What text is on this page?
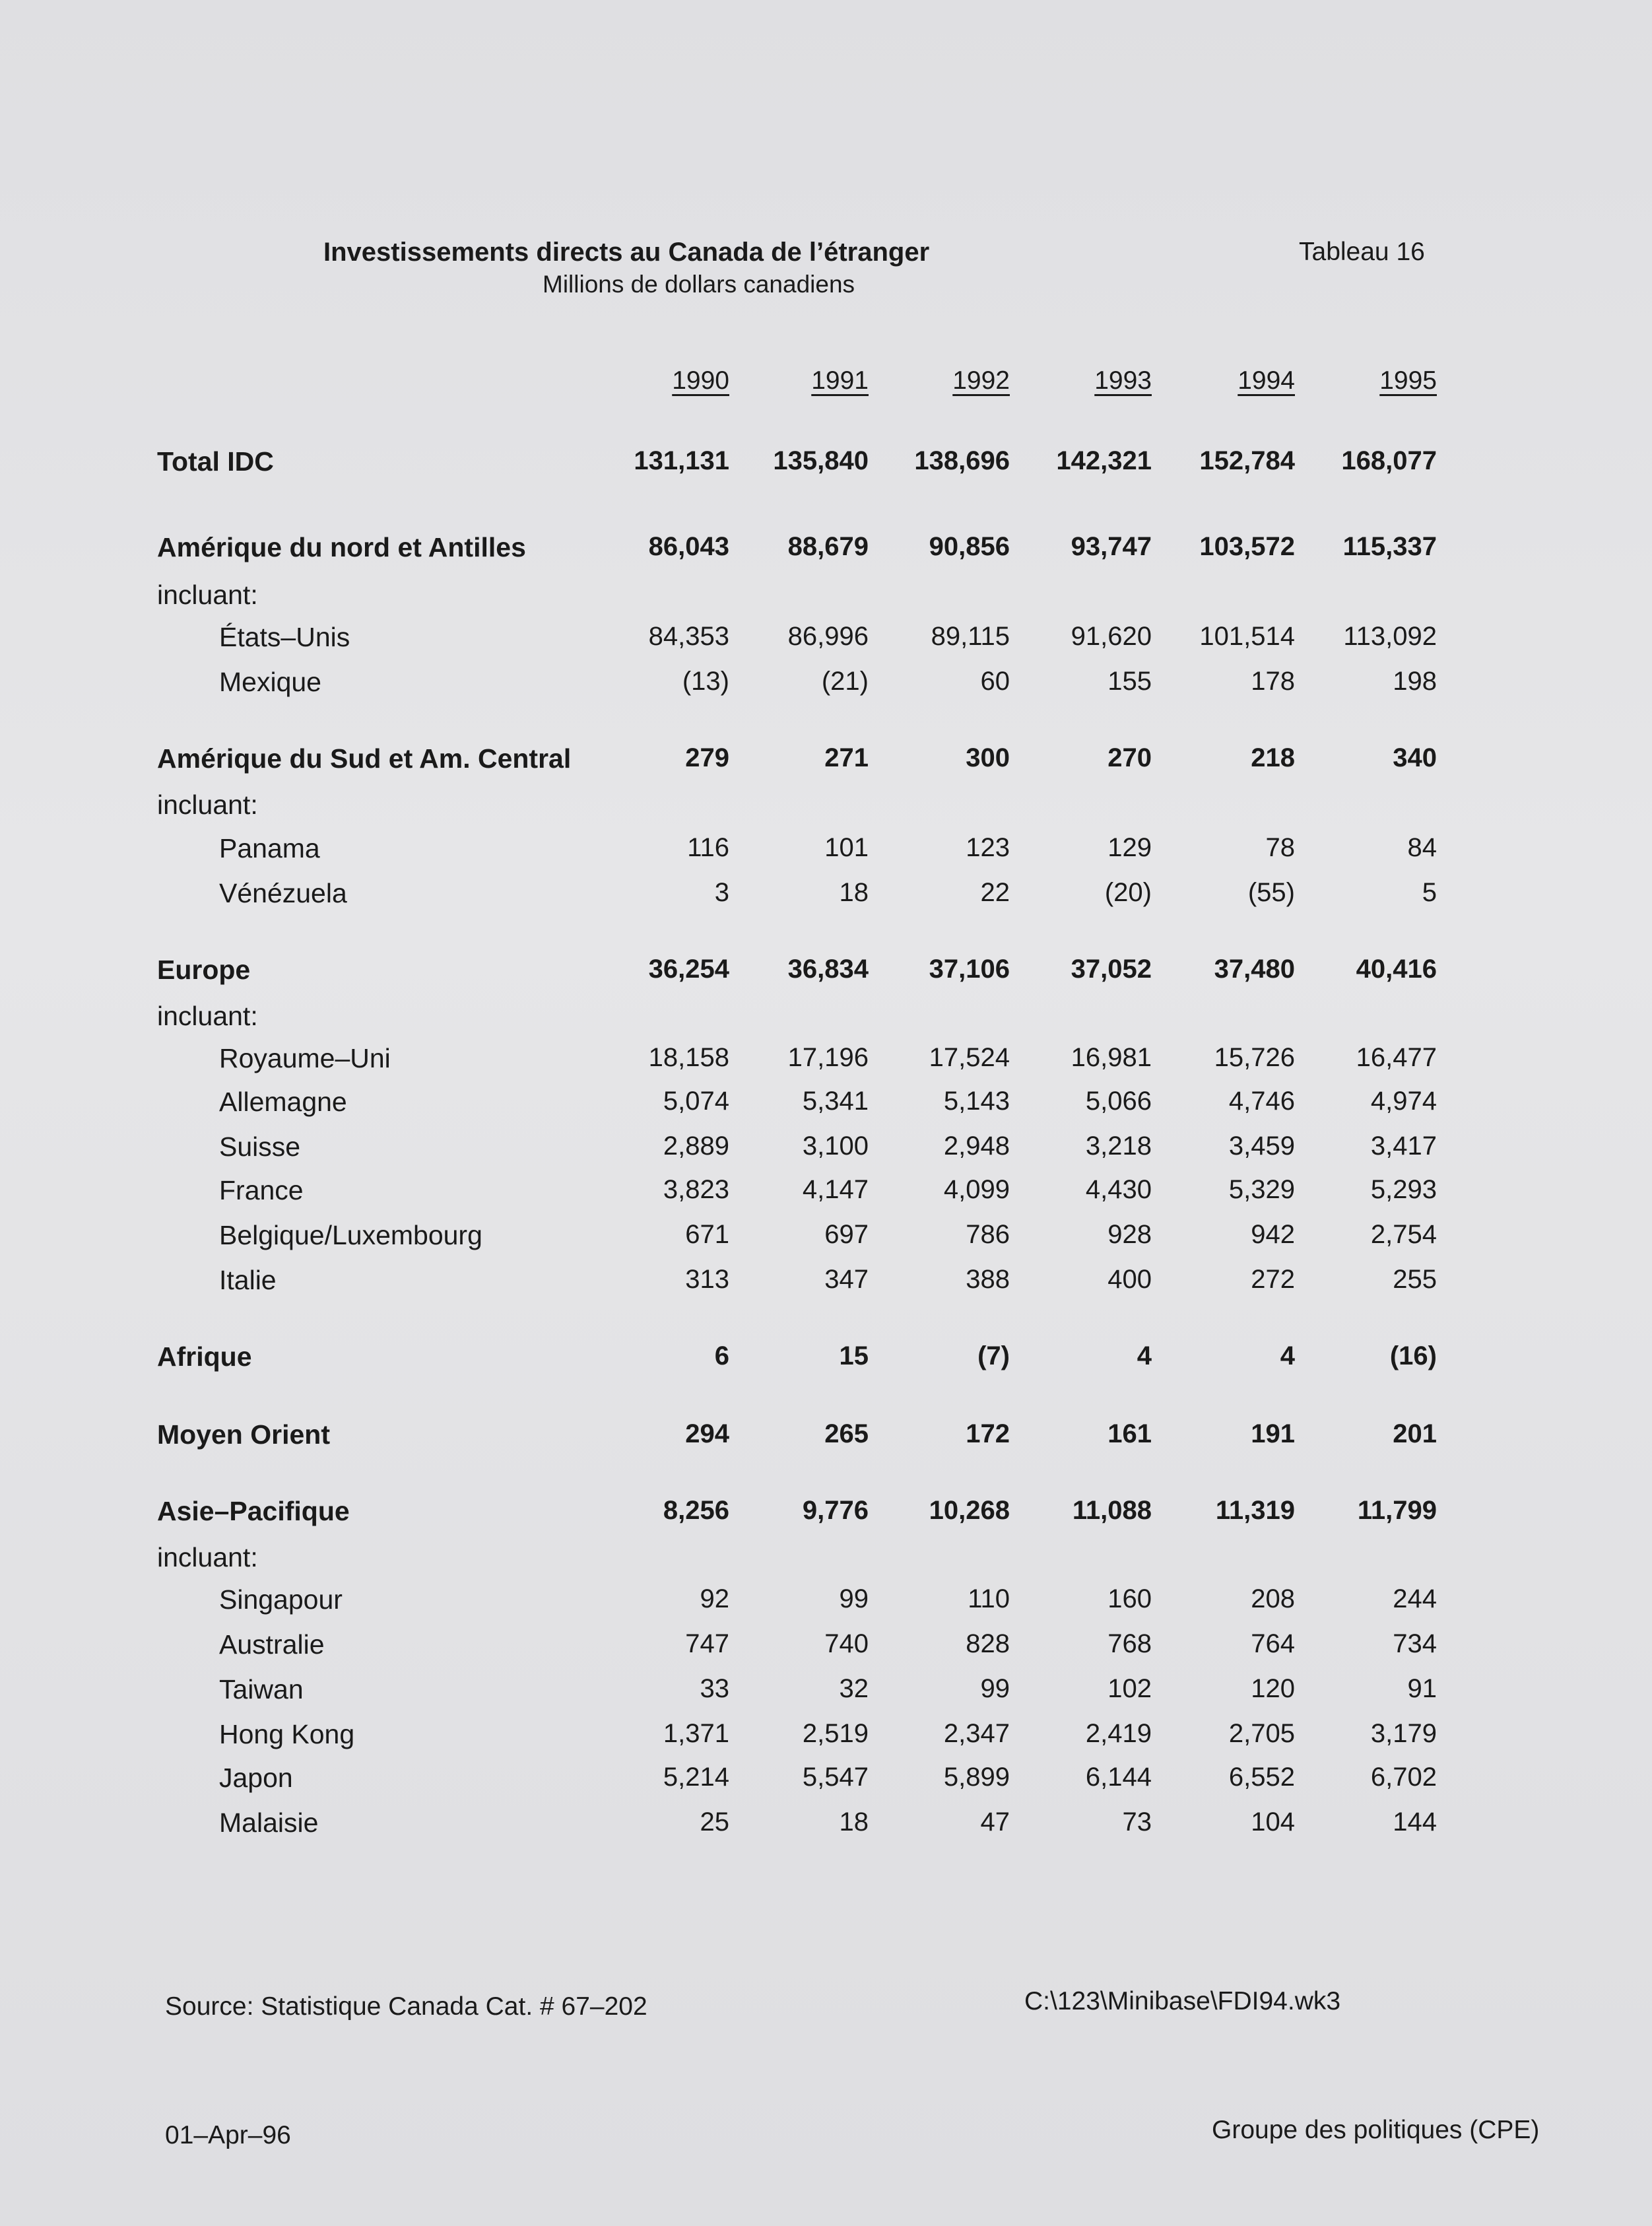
Investissements directs au Canada de l’étranger
Millions de dollars canadiens
Tableau 16
1990	1991	1992	1993	1994	1995
Total IDC	131,131	135,840	138,696	142,321	152,784	168,077
Amérique du nord et Antilles	86,043	88,679	90,856	93,747	103,572	115,337
incluant:
États–Unis	84,353	86,996	89,115	91,620	101,514	113,092
Mexique	(13)	(21)	60	155	178	198
Amérique du Sud et Am. Central	279	271	300	270	218	340
incluant:
Panama	116	101	123	129	78	84
Vénézuela	3	18	22	(20)	(55)	5
Europe	36,254	36,834	37,106	37,052	37,480	40,416
incluant:
Royaume–Uni	18,158	17,196	17,524	16,981	15,726	16,477
Allemagne	5,074	5,341	5,143	5,066	4,746	4,974
Suisse	2,889	3,100	2,948	3,218	3,459	3,417
France	3,823	4,147	4,099	4,430	5,329	5,293
Belgique/Luxembourg	671	697	786	928	942	2,754
Italie	313	347	388	400	272	255
Afrique	6	15	(7)	4	4	(16)
Moyen Orient	294	265	172	161	191	201
Asie–Pacifique	8,256	9,776	10,268	11,088	11,319	11,799
incluant:
Singapour	92	99	110	160	208	244
Australie	747	740	828	768	764	734
Taiwan	33	32	99	102	120	91
Hong Kong	1,371	2,519	2,347	2,419	2,705	3,179
Japon	5,214	5,547	5,899	6,144	6,552	6,702
Malaisie	25	18	47	73	104	144
Source: Statistique Canada Cat. # 67–202	C:\123\Minibase\FDI94.wk3
01–Apr–96	Groupe des politiques (CPE)
